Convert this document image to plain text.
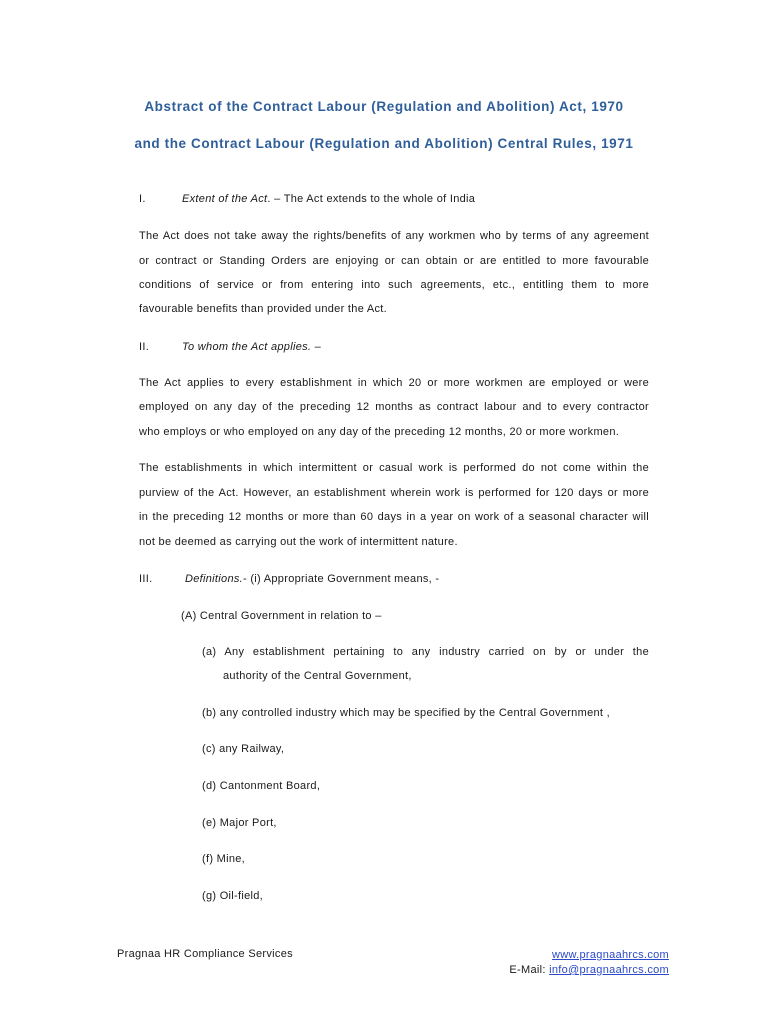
Abstract of the Contract Labour (Regulation and Abolition) Act, 1970
and the Contract Labour (Regulation and Abolition) Central Rules, 1971
I.	Extent of the Act. – The Act extends to the whole of India
The Act does not take away the rights/benefits of any workmen who by terms of any agreement
or contract or Standing Orders are enjoying or can obtain or are entitled to more favourable
conditions of service or from entering into such agreements, etc., entitling them to more
favourable benefits than provided under the Act.
II.	To whom the Act applies. –
The Act applies to every establishment in which 20 or more workmen are employed or were
employed on any day of the preceding 12 months as contract labour and to every contractor
who employs or who employed on any day of the preceding 12 months, 20 or more workmen.
The establishments in which intermittent or casual work is performed do not come within the
purview of the Act. However, an establishment wherein work is performed for 120 days or more
in the preceding 12 months or more than 60 days in a year on work of a seasonal character will
not be deemed as carrying out the work of intermittent nature.
III.	Definitions.- (i) Appropriate Government means, -
(A) Central Government in relation to –
(a) Any establishment pertaining to any industry carried on by or under the
authority of the Central Government,
(b) any controlled industry which may be specified by the Central Government ,
(c) any Railway,
(d) Cantonment Board,
(e) Major Port,
(f) Mine,
(g) Oil-field,
Pragnaa HR Compliance Services	www.pragnaahrcs.com
E-Mail: info@pragnaahrcs.com
